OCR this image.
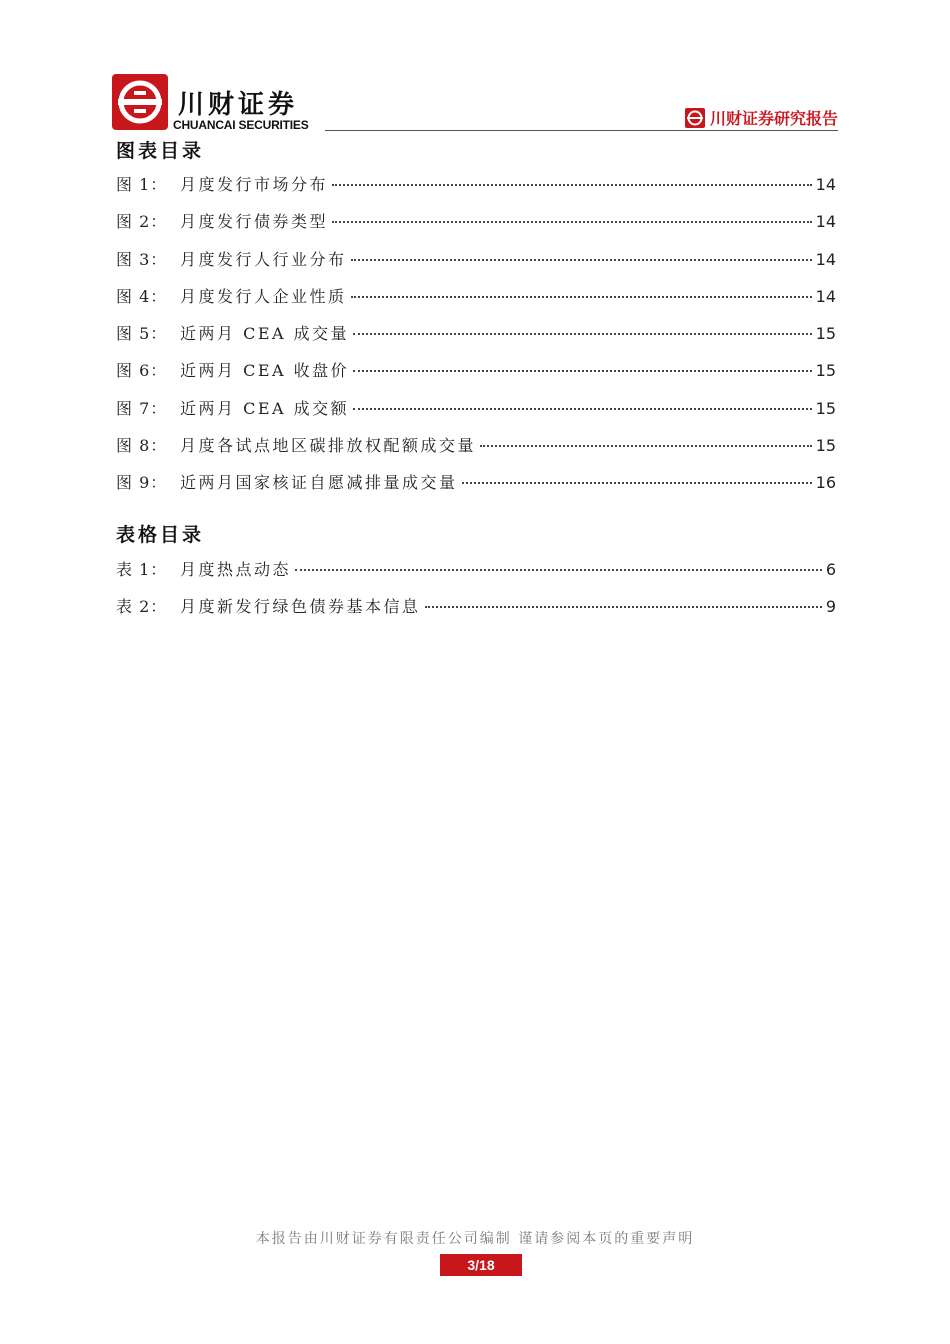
川财证券
CHUANCAI SECURITIES	川财证券研究报告
图表目录
图 1： 月度发行市场分布	14
图 2： 月度发行债券类型	14
图 3： 月度发行人行业分布	14
图 4： 月度发行人企业性质	14
图 5： 近两月 CEA 成交量	15
图 6： 近两月 CEA 收盘价	15
图 7： 近两月 CEA 成交额	15
图 8： 月度各试点地区碳排放权配额成交量	15
图 9： 近两月国家核证自愿减排量成交量	16
表格目录
表 1： 月度热点动态	6
表 2： 月度新发行绿色债券基本信息	9
本报告由川财证券有限责任公司编制 谨请参阅本页的重要声明
3/18
